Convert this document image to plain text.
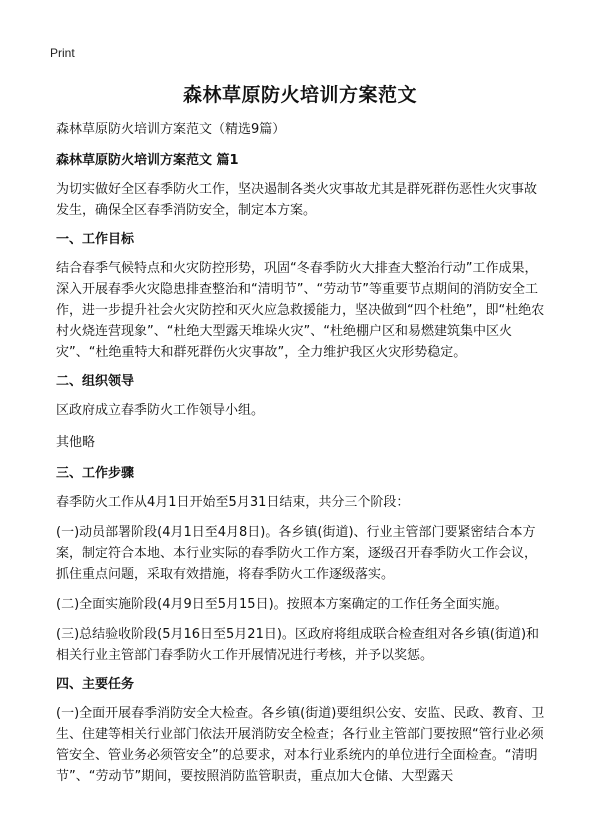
Print
森林草原防火培训方案范文

森林草原防火培训方案范文（精选9篇）

森林草原防火培训方案范文 篇1

为切实做好全区春季防火工作，坚决遏制各类火灾事故尤其是群死群伤恶性火灾事故发生，确保全区春季消防安全，制定本方案。

一、工作目标

结合春季气候特点和火灾防控形势，巩固“冬春季防火大排查大整治行动”工作成果，深入开展春季火灾隐患排查整治和“清明节”、“劳动节”等重要节点期间的消防安全工作，进一步提升社会火灾防控和灭火应急救援能力，坚决做到“四个杜绝”，即“杜绝农村火烧连营现象”、“杜绝大型露天堆垛火灾”、“杜绝棚户区和易燃建筑集中区火灾”、“杜绝重特大和群死群伤火灾事故”，全力维护我区火灾形势稳定。

二、组织领导

区政府成立春季防火工作领导小组。

其他略

三、工作步骤

春季防火工作从4月1日开始至5月31日结束，共分三个阶段：

(一)动员部署阶段(4月1日至4月8日)。各乡镇(街道)、行业主管部门要紧密结合本方案，制定符合本地、本行业实际的春季防火工作方案，逐级召开春季防火工作会议，抓住重点问题，采取有效措施，将春季防火工作逐级落实。

(二)全面实施阶段(4月9日至5月15日)。按照本方案确定的工作任务全面实施。

(三)总结验收阶段(5月16日至5月21日)。区政府将组成联合检查组对各乡镇(街道)和相关行业主管部门春季防火工作开展情况进行考核，并予以奖惩。

四、主要任务

(一)全面开展春季消防安全大检查。各乡镇(街道)要组织公安、安监、民政、教育、卫生、住建等相关行业部门依法开展消防安全检查；各行业主管部门要按照“管行业必须管安全、管业务必须管安全”的总要求，对本行业系统内的单位进行全面检查。“清明节”、“劳动节”期间，要按照消防监管职责，重点加大仓储、大型露天
